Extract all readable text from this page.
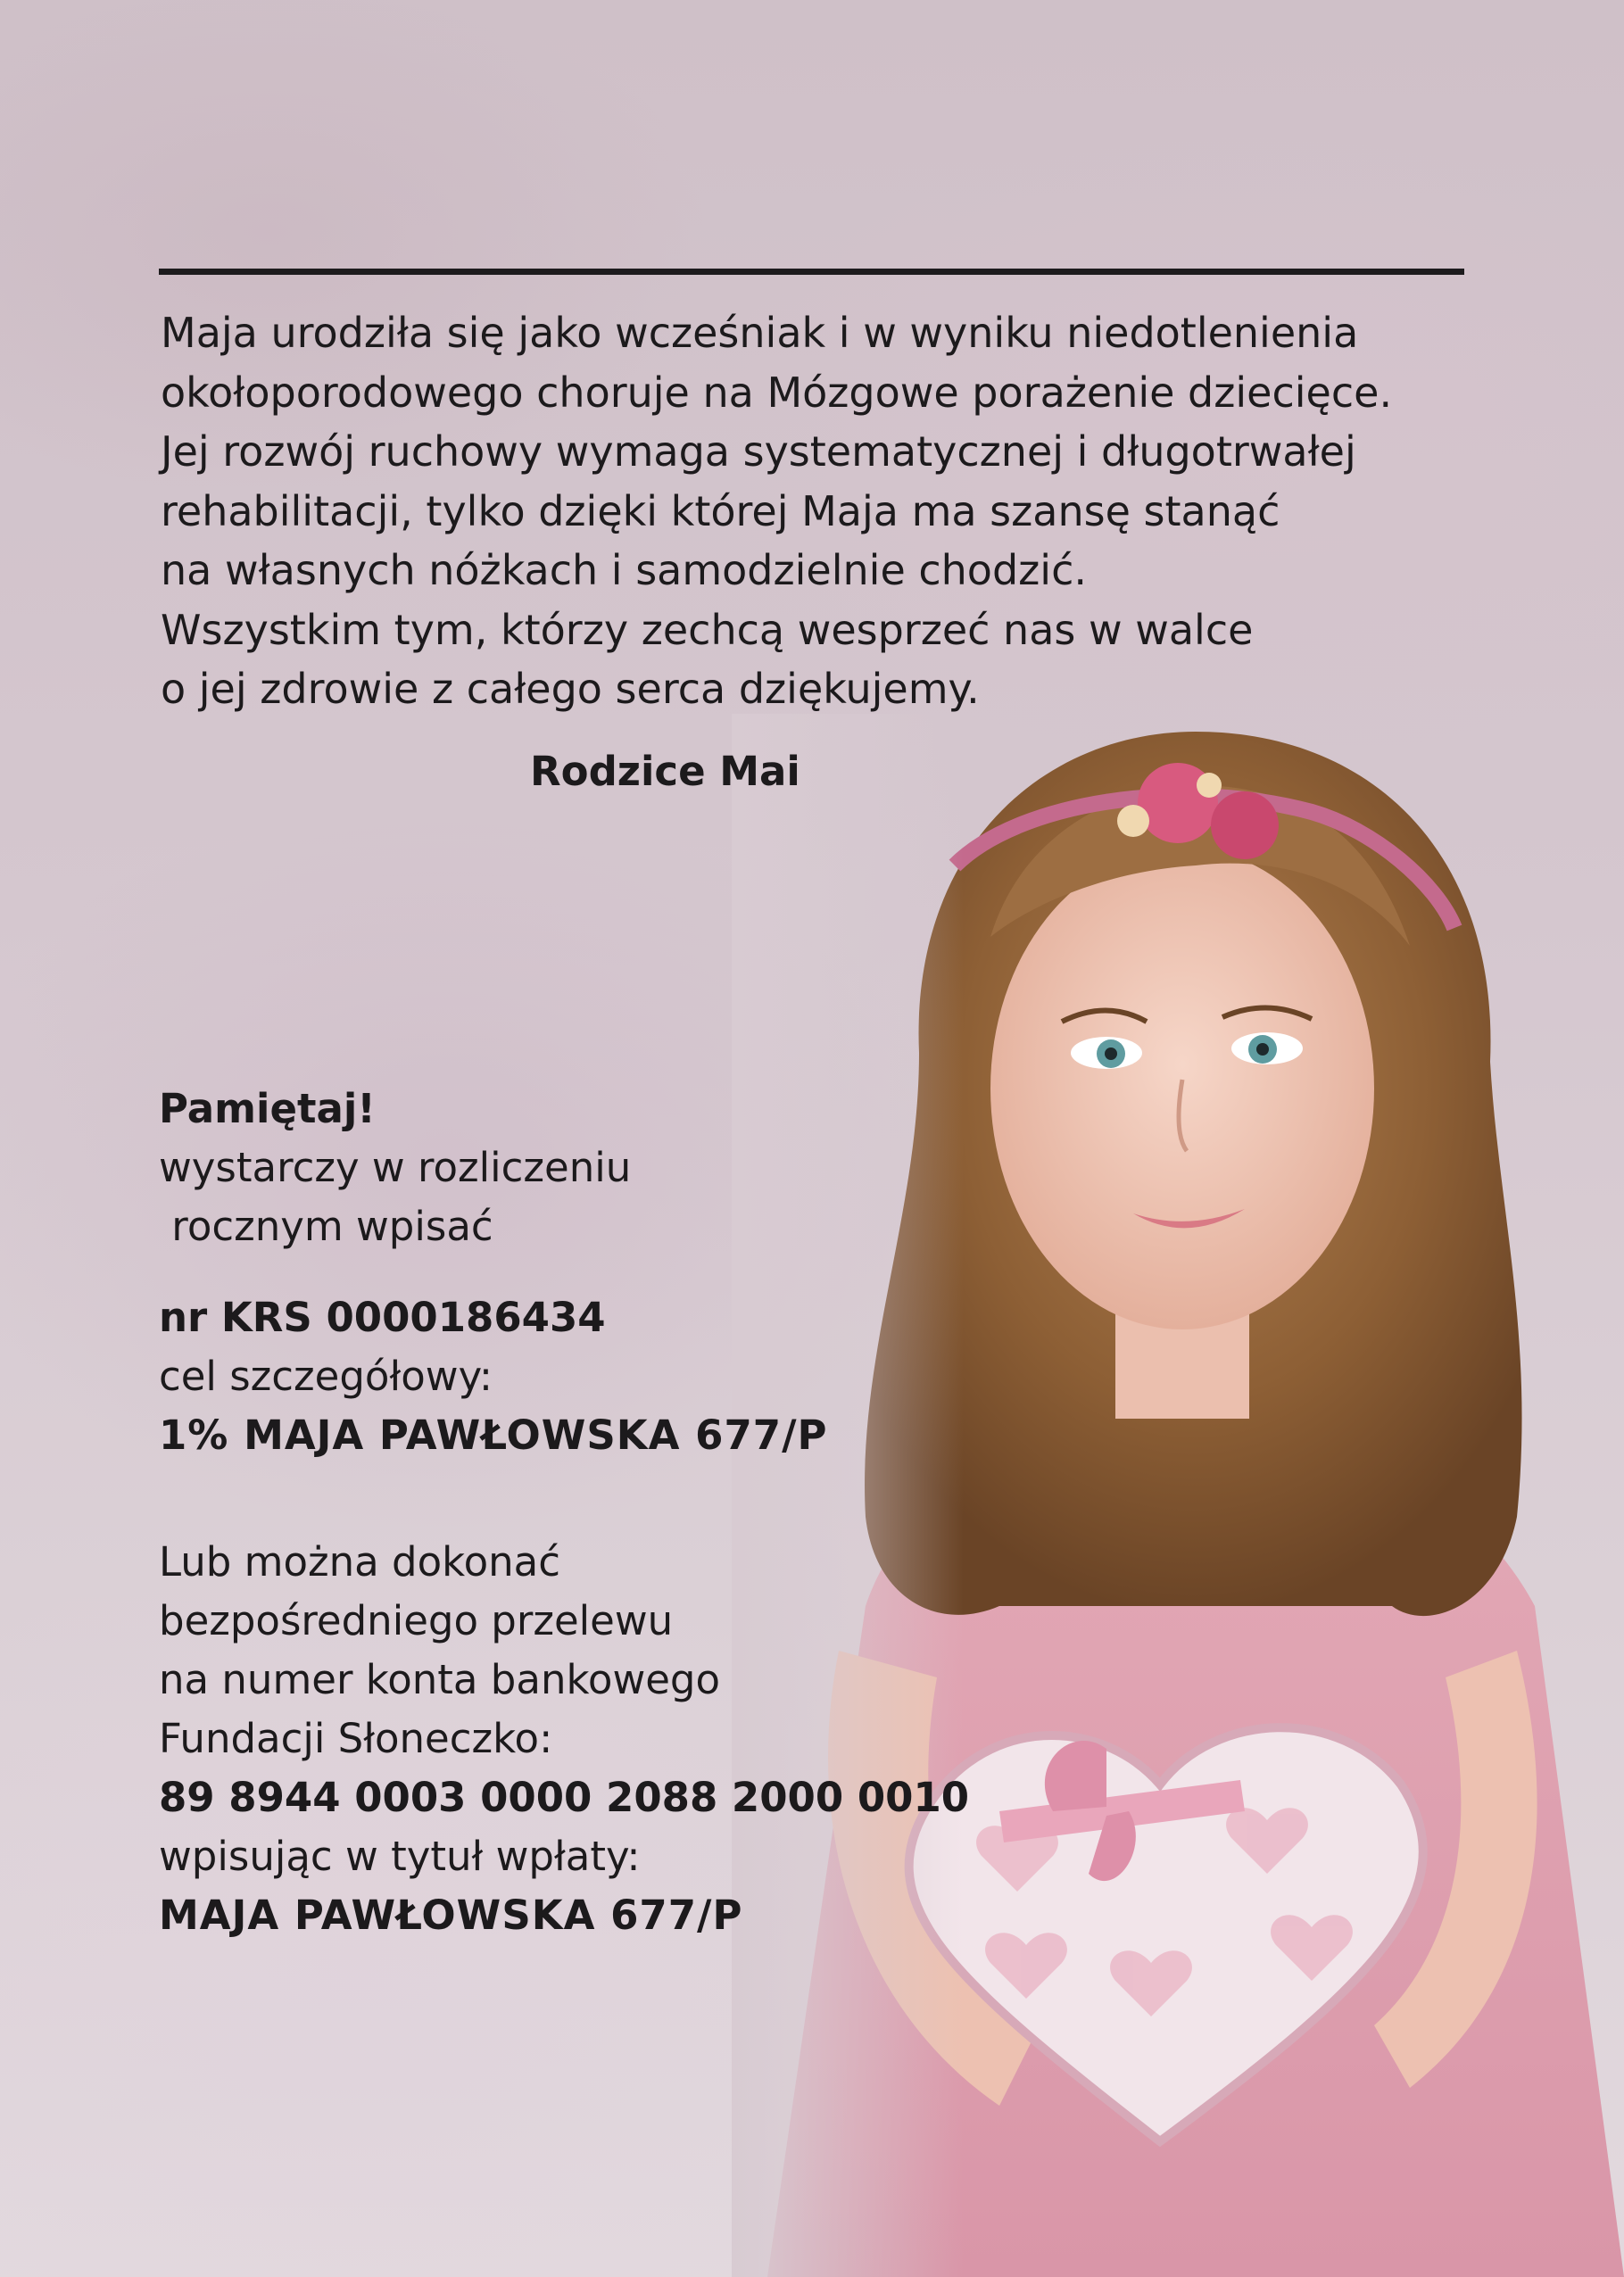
Maja urodziła się jako wcześniak i w wyniku niedotlenienia
okołoporodowego choruje na Mózgowe porażenie dziecięce.
Jej rozwój ruchowy wymaga systematycznej i długotrwałej
rehabilitacji, tylko dzięki której Maja ma szansę stanąć
na własnych nóżkach i samodzielnie chodzić.
Wszystkim tym, którzy zechcą wesprzeć nas w walce
o jej zdrowie z całego serca dziękujemy.

Rodzice Mai

Pamiętaj!
wystarczy w rozliczeniu
rocznym wpisać
nr KRS 0000186434
cel szczegółowy:
1% MAJA PAWŁOWSKA 677/P
Lub można dokonać
bezpośredniego przelewu
na numer konta bankowego
Fundacji Słoneczko:
89 8944 0003 0000 2088 2000 0010
wpisując w tytuł wpłaty:
MAJA PAWŁOWSKA 677/P
